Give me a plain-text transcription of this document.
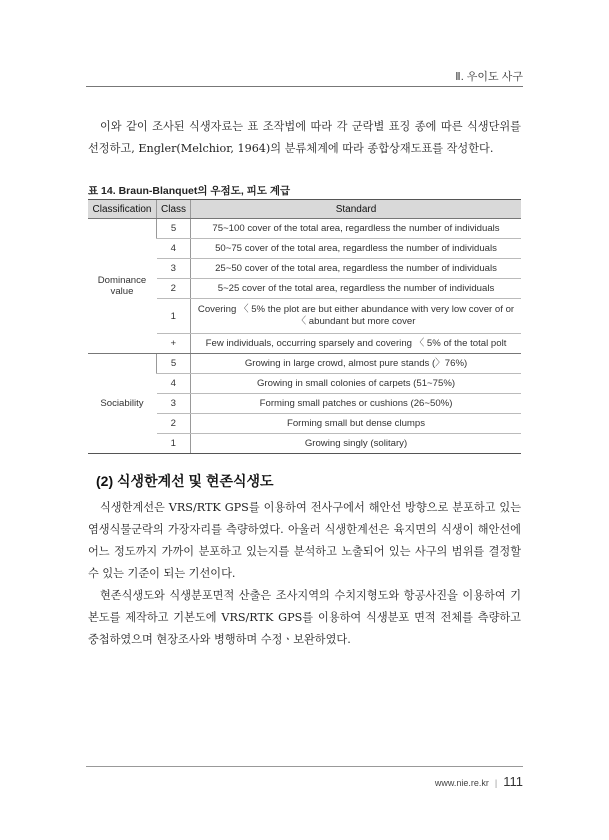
Ⅱ. 우이도 사구

이와 같이 조사된 식생자료는 표 조작법에 따라 각 군락별 표징 종에 따른 식생단위를 선정하고, Engler(Melchior, 1964)의 분류체계에 따라 종합상재도표를 작성한다.

표 14. Braun-Blanquet의 우점도, 피도 계급
Classification	Class	Standard
Dominance value	5	75~100 cover of the total area, regardless the number of individuals
	4	50~75 cover of the total area, regardless the number of individuals
	3	25~50 cover of the total area, regardless the number of individuals
	2	5~25 cover of the total area, regardless the number of individuals
	1	Covering 〈 5% the plot are but either abundance with very low cover of or 〈 abundant but more cover
	+	Few individuals, occurring sparsely and covering 〈 5% of the total polt
Sociability	5	Growing in large crowd, almost pure stands (〉76%)
	4	Growing in small colonies of carpets (51~75%)
	3	Forming small patches or cushions (26~50%)
	2	Forming small but dense clumps
	1	Growing singly (solitary)
(2) 식생한계선 및 현존식생도

식생한계선은 VRS/RTK GPS를 이용하여 전사구에서 해안선 방향으로 분포하고 있는 염생식물군락의 가장자리를 측량하였다. 아울러 식생한계선은 육지면의 식생이 해안선에 어느 정도까지 가까이 분포하고 있는지를 분석하고 노출되어 있는 사구의 범위를 결정할 수 있는 기준이 되는 기선이다.

현존식생도와 식생분포면적 산출은 조사지역의 수치지형도와 항공사진을 이용하여 기본도를 제작하고 기본도에 VRS/RTK GPS를 이용하여 식생분포 면적 전체를 측량하고 중첩하였으며 현장조사와 병행하며 수정ㆍ보완하였다.

www.nie.re.kr | 111
